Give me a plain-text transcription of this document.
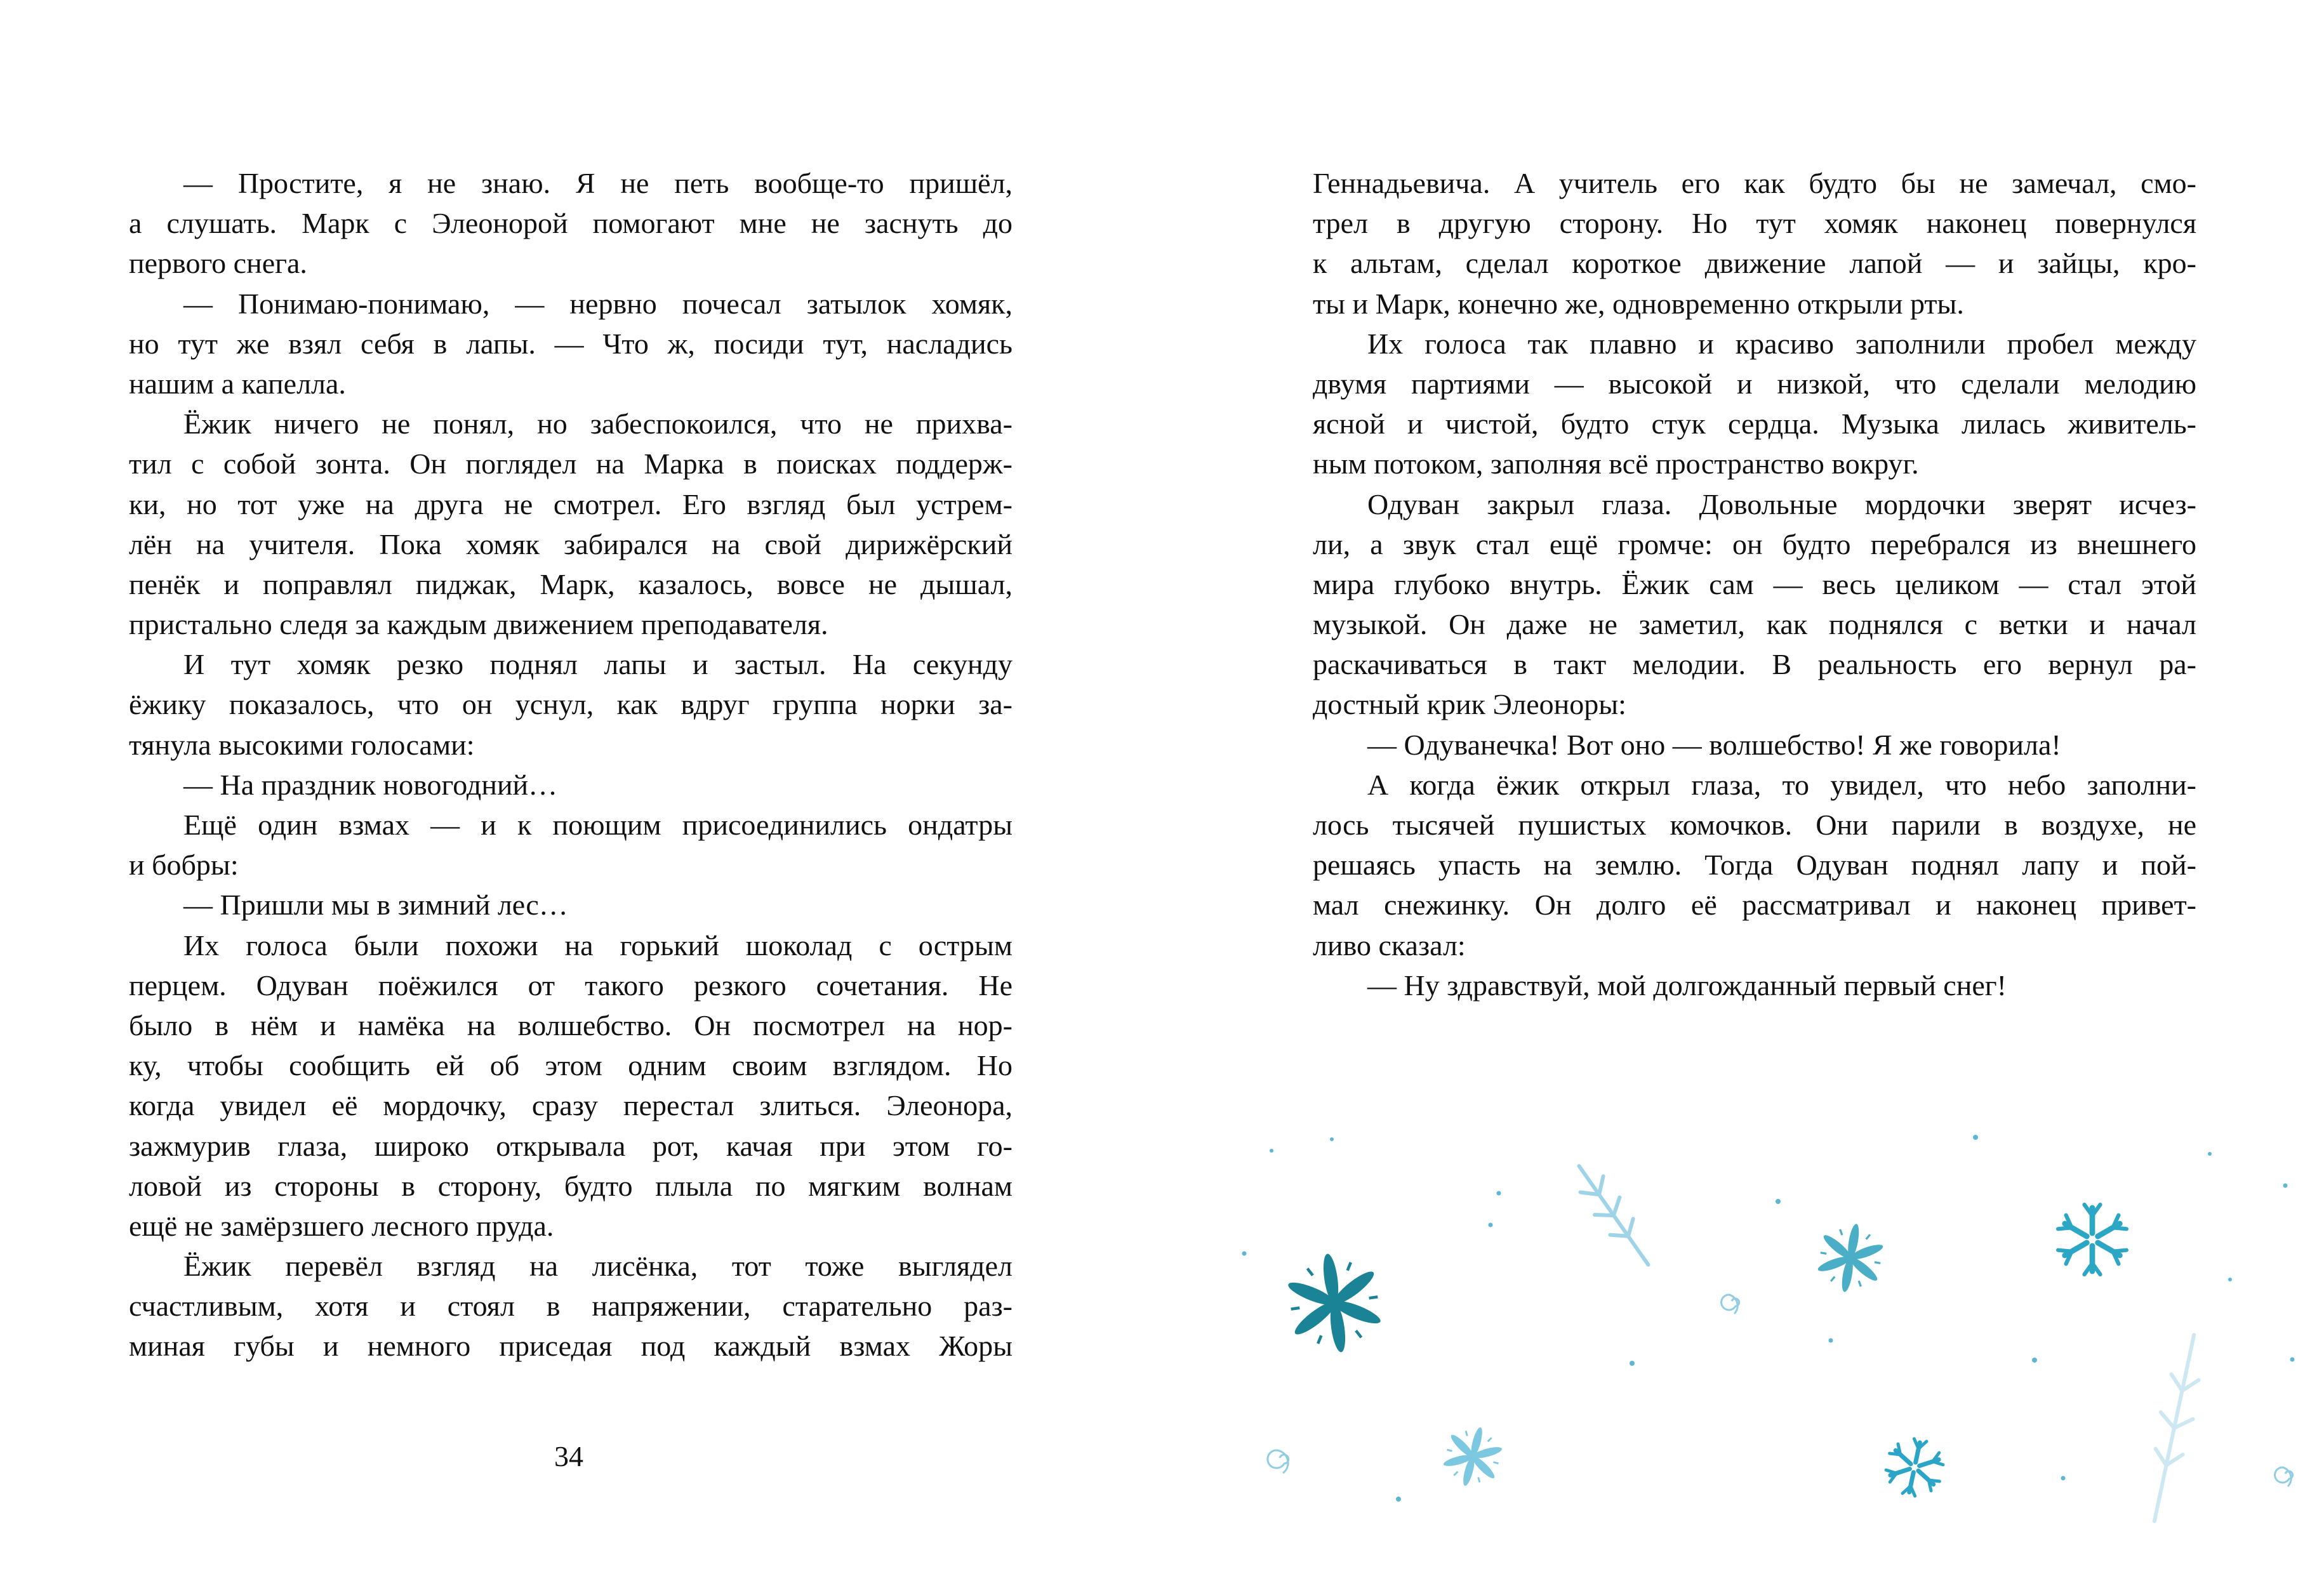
— Простите, я не знаю. Я не петь вообще-то пришёл,
а слушать. Марк с Элеонорой помогают мне не заснуть до
первого снега.
— Понимаю-понимаю, — нервно почесал затылок хомяк,
но тут же взял себя в лапы. — Что ж, посиди тут, насладись
нашим а капелла.
Ёжик ничего не понял, но забеспокоился, что не прихва-
тил с собой зонта. Он поглядел на Марка в поисках поддерж-
ки, но тот уже на друга не смотрел. Его взгляд был устрем-
лён на учителя. Пока хомяк забирался на свой дирижёрский
пенёк и поправлял пиджак, Марк, казалось, вовсе не дышал,
пристально следя за каждым движением преподавателя.
И тут хомяк резко поднял лапы и застыл. На секунду
ёжику показалось, что он уснул, как вдруг группа норки за-
тянула высокими голосами:
— На праздник новогодний…
Ещё один взмах — и к поющим присоединились ондатры
и бобры:
— Пришли мы в зимний лес…
Их голоса были похожи на горький шоколад с острым
перцем. Одуван поёжился от такого резкого сочетания. Не
было в нём и намёка на волшебство. Он посмотрел на нор-
ку, чтобы сообщить ей об этом одним своим взглядом. Но
когда увидел её мордочку, сразу перестал злиться. Элеонора,
зажмурив глаза, широко открывала рот, качая при этом го-
ловой из стороны в сторону, будто плыла по мягким волнам
ещё не замёрзшего лесного пруда.
Ёжик перевёл взгляд на лисёнка, тот тоже выглядел
счастливым, хотя и стоял в напряжении, старательно раз-
миная губы и немного приседая под каждый взмах Жоры
34
Геннадьевича. А учитель его как будто бы не замечал, смо-
трел в другую сторону. Но тут хомяк наконец повернулся
к альтам, сделал короткое движение лапой — и зайцы, кро-
ты и Марк, конечно же, одновременно открыли рты.
Их голоса так плавно и красиво заполнили пробел между
двумя партиями — высокой и низкой, что сделали мелодию
ясной и чистой, будто стук сердца. Музыка лилась живитель-
ным потоком, заполняя всё пространство вокруг.
Одуван закрыл глаза. Довольные мордочки зверят исчез-
ли, а звук стал ещё громче: он будто перебрался из внешнего
мира глубоко внутрь. Ёжик сам — весь целиком — стал этой
музыкой. Он даже не заметил, как поднялся с ветки и начал
раскачиваться в такт мелодии. В реальность его вернул ра-
достный крик Элеоноры:
— Одуванечка! Вот оно — волшебство! Я же говорила!
А когда ёжик открыл глаза, то увидел, что небо заполни-
лось тысячей пушистых комочков. Они парили в воздухе, не
решаясь упасть на землю. Тогда Одуван поднял лапу и пой-
мал снежинку. Он долго её рассматривал и наконец привет-
ливо сказал:
— Ну здравствуй, мой долгожданный первый снег!
